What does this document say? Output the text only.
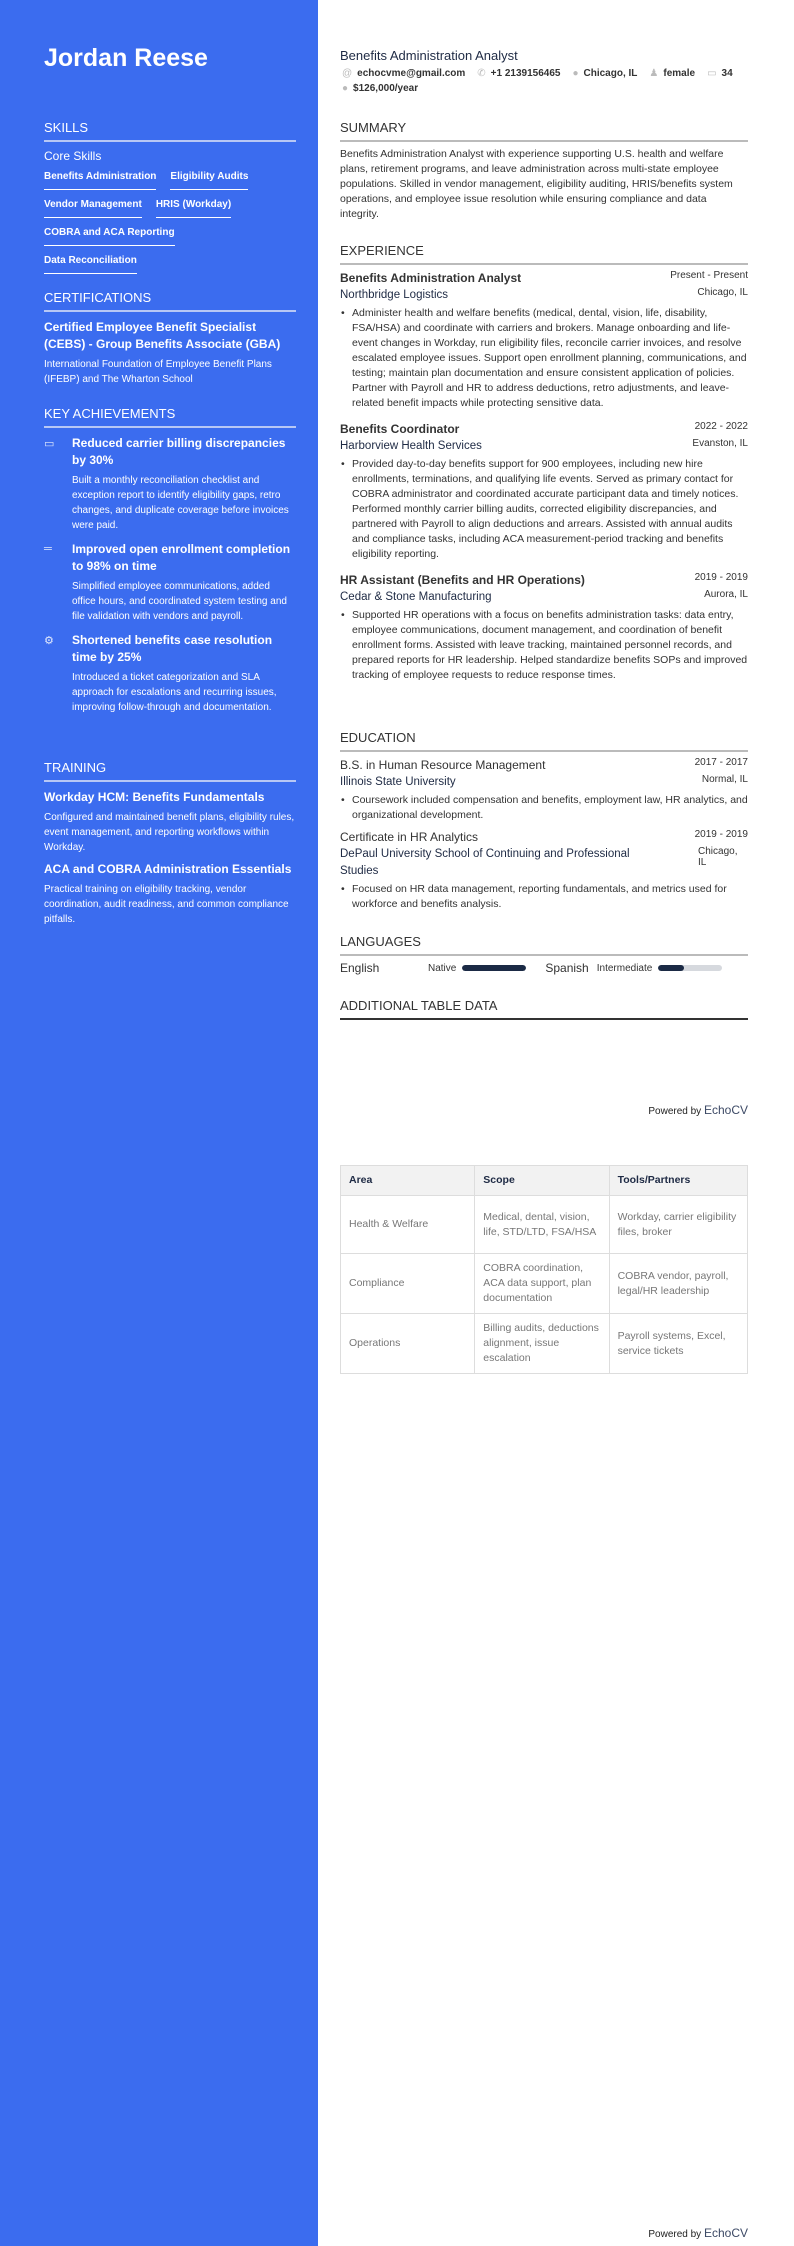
Jordan Reese
SKILLS
Core Skills
Benefits Administration Eligibility Audits
Vendor Management HRIS (Workday)
COBRA and ACA Reporting
Data Reconciliation
CERTIFICATIONS
Certified Employee Benefit Specialist (CEBS) - Group Benefits Associate (GBA)
International Foundation of Employee Benefit Plans (IFEBP) and The Wharton School
KEY ACHIEVEMENTS
▭	Reduced carrier billing discrepancies by 30%
Built a monthly reconciliation checklist and exception report to identify eligibility gaps, retro changes, and duplicate coverage before invoices were paid.
═	Improved open enrollment completion to 98% on time
Simplified employee communications, added office hours, and coordinated system testing and file validation with vendors and payroll.
⚙	Shortened benefits case resolution time by 25%
Introduced a ticket categorization and SLA approach for escalations and recurring issues, improving follow-through and documentation.
TRAINING
Workday HCM: Benefits Fundamentals
Configured and maintained benefit plans, eligibility rules, event management, and reporting workflows within Workday.
ACA and COBRA Administration Essentials
Practical training on eligibility tracking, vendor coordination, audit readiness, and common compliance pitfalls.
Benefits Administration Analyst
@ echocvme@gmail.com ✆ +1 2139156465 ● Chicago, IL ♟ female ▭ 34
● $126,000/year
SUMMARY
Benefits Administration Analyst with experience supporting U.S. health and welfare plans, retirement programs, and leave administration across multi-state employee populations. Skilled in vendor management, eligibility auditing, HRIS/benefits system operations, and employee issue resolution while ensuring compliance and data integrity.
EXPERIENCE
Benefits Administration Analyst	Present - Present
Northbridge Logistics	Chicago, IL
• Administer health and welfare benefits (medical, dental, vision, life, disability, FSA/HSA) and coordinate with carriers and brokers. Manage onboarding and life-event changes in Workday, run eligibility files, reconcile carrier invoices, and resolve escalated employee issues. Support open enrollment planning, communications, and testing; maintain plan documentation and ensure consistent application of policies. Partner with Payroll and HR to address deductions, retro adjustments, and leave-related benefit impacts while protecting sensitive data.
Benefits Coordinator	2022 - 2022
Harborview Health Services	Evanston, IL
• Provided day-to-day benefits support for 900 employees, including new hire enrollments, terminations, and qualifying life events. Served as primary contact for COBRA administrator and coordinated accurate participant data and timely notices. Performed monthly carrier billing audits, corrected eligibility discrepancies, and partnered with Payroll to align deductions and arrears. Assisted with annual audits and compliance tasks, including ACA measurement-period tracking and benefits eligibility reporting.
HR Assistant (Benefits and HR Operations)	2019 - 2019
Cedar & Stone Manufacturing	Aurora, IL
• Supported HR operations with a focus on benefits administration tasks: data entry, employee communications, document management, and coordination of benefit enrollment forms. Assisted with leave tracking, maintained personnel records, and prepared reports for HR leadership. Helped standardize benefits SOPs and improved tracking of employee requests to reduce response times.
EDUCATION
B.S. in Human Resource Management	2017 - 2017
Illinois State University	Normal, IL
• Coursework included compensation and benefits, employment law, HR analytics, and organizational development.
Certificate in HR Analytics	2019 - 2019
DePaul University School of Continuing and Professional Studies
Chicago, IL
• Focused on HR data management, reporting fundamentals, and metrics used for workforce and benefits analysis.
LANGUAGES
English	Native	Spanish Intermediate
ADDITIONAL TABLE DATA
Powered by EchoCV
Area	Scope	Tools/Partners
Health & Welfare	Medical, dental, vision, life, STD/LTD, FSA/HSA	Workday, carrier eligibility files, broker
Compliance	COBRA coordination, ACA data support, plan documentation	COBRA vendor, payroll, legal/HR leadership
Operations	Billing audits, deductions alignment, issue escalation	Payroll systems, Excel, service tickets
Powered by EchoCV
